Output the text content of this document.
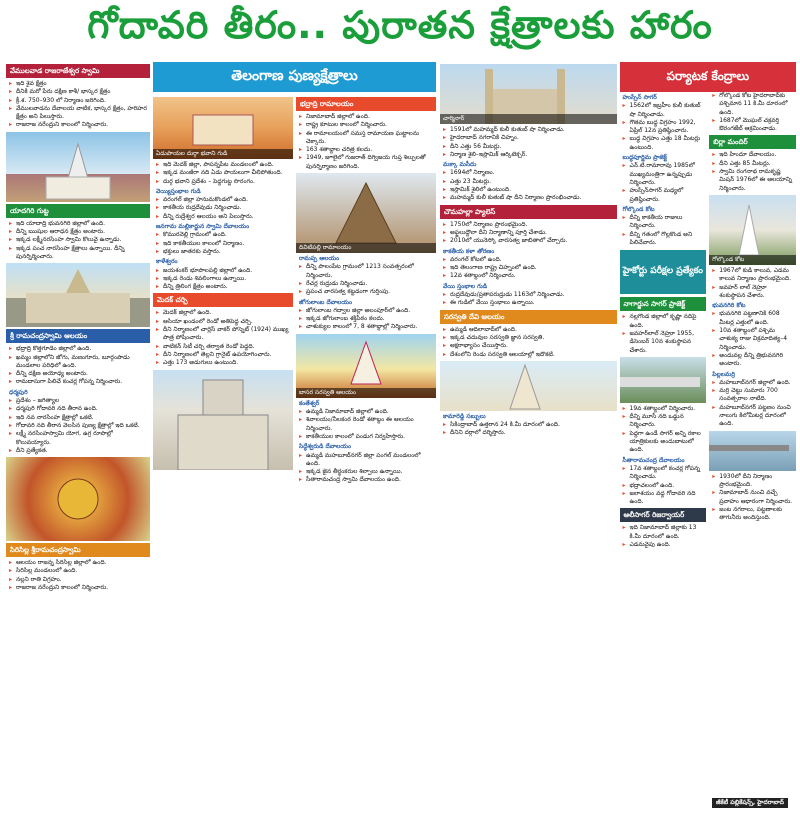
గోదావరి తీరం.. పురాతన క్షేత్రాలకు హారం
వేములవాడ రాజరాజేశ్వర స్వామి
▸ ఇది శైవ క్షేత్రం
▸ దీనికి మరో పేరు దక్షిణ కాశీ/ భాస్కర క్షేత్రం
▸ క్రీ.శ. 750–930 లో నిర్మాణం జరిగింది.
▸ వేములవాడను దేవాలయ వాటిక, భాస్కర క్షేత్రం, హరిహర క్షేత్రం అని పిలుస్తారు.
▸ రాజరాజ నరేంద్రుని కాలంలో నిర్మించారు.
యాదగిరి గుట్ట
▸ ఇది యాదాద్రి భువనగిరి జిల్లాలో ఉంది.
▸ దీన్ని ఋషుల ఆరాధన క్షేత్రం అంటారు.
▸ ఇక్కడ లక్ష్మీనరసింహ స్వామి కొలువై ఉన్నాడు.
▸ ఇక్కడ పంచ నారసింహ క్షేత్రాలు ఉన్నాయి. దీన్ని పునర్నిర్మించారు.
శ్రీ రామచంద్రస్వామి ఆలయం
▸ భద్రాద్రి కొత్తగూడెం జిల్లాలో ఉంది.
▸ ఖమ్మం జిల్లాలోని జోగు, మణుగూరు, బూర్గంపాడు మండలాల పరిధిలో ఉంది.
▸ దీన్ని దక్షిణ అయోధ్య అంటారు.
▸ రామదాసుగా పిలిచే కంచర్ల గోపన్న నిర్మించారు.
ధర్మపురి
▸ ప్రదేశం – జగిత్యాల
▸ ధర్మపురి గోదావరి నది తీరాన ఉంది.
▸ ఇది నవ నారసింహ క్షేత్రాల్లో ఒకటి.
▸ గోదావరి నది తీరాన వెలసిన పుణ్య క్షేత్రాల్లో ఇది ఒకటి.
▸ లక్ష్మీ నరసింహస్వామి యోగ, ఉగ్ర రూపాల్లో కొలువయ్యారు.
▸ దీని ప్రత్యేకత.
సిరిసిల్ల శ్రీరామచంద్రస్వామి
▸ ఆలయం రాజన్న సిరిసిల్ల జిల్లాలో ఉంది.
▸ సిరిసిల్ల మండలంలో ఉంది.
▸ నల్లని రాతి విగ్రహం.
▸ రాజరాజ నరేంద్రుని కాలంలో నిర్మించారు.
తెలంగాణ పుణ్యక్షేత్రాలు
ఏడుపాయల దుర్గా భవాని గుడి
▸ ఇది మెదక్ జిల్లా, పాపన్నపేట మండలంలో ఉంది.
▸ ఇక్కడ మంజీరా నది ఏడు పాయలుగా చీలిపోతుంది.
▸ దుర్గ భవాని ప్రదేశం – పెద్దగుట్ట సొరంగం.
వెయ్యిస్తంభాల గుడి
▸ వరంగల్ జిల్లా హనుమకొండలో ఉంది.
▸ కాకతీయ రుద్రదేవుడు నిర్మించాడు.
▸ దీన్ని రుద్రేశ్వర ఆలయం అని పిలుస్తారు.
జనగామ మల్లికార్జున స్వామి దేవాలయం
▸ కొమురవెల్లి గ్రామంలో ఉంది.
▸ ఇది కాకతీయుల కాలంలో నిర్మాణం.
▸ భక్తులు జాతరకు వస్తారు.
కాళేశ్వరం
▸ జయశంకర్ భూపాలపల్లి జిల్లాలో ఉంది.
▸ ఇక్కడ రెండు శివలింగాలు ఉన్నాయి.
▸ దీన్ని త్రిలింగ క్షేత్రం అంటారు.
మెదక్ చర్చి
▸ మెదక్ జిల్లాలో ఉంది.
▸ ఆసియా ఖండంలో రెండో అతిపెద్ద చర్చి.
▸ దీని నిర్మాణంలో చార్లెస్ వాకర్ పోస్నెట్ (1924) ముఖ్య పాత్ర పోషించారు.
▸ వాటికన్ సిటీ చర్చి తర్వాత రెండో పెద్దది.
▸ దీని నిర్మాణంలో తెల్లని గ్రానైట్ ఉపయోగించారు.
▸ ఎత్తు 173 అడుగులు ఉంటుంది.
భద్రాద్రి రామాలయం
▸ నిజామాబాద్ జిల్లాలో ఉంది.
▸ రాష్ట్ర కూటుల కాలంలో నిర్మించారు.
▸ ఈ రామాలయంలో సమస్త రామాయణ ఘట్టాలను చెక్కారు.
▸ 163 శతాబ్దాల చరిత్ర కలదు.
▸ 1949, జూలైలో గుజరాత్ దిగ్విజయ గుప్త శిల్పులతో పునర్నిర్మాణం జరిగింది.
దివిటిపల్లి రామాలయం
రామప్ప ఆలయం
▸ దీన్ని పాలంపేట గ్రామంలో 1213 సంవత్సరంలో నిర్మించారు.
▸ రేచర్ల రుద్రుడు నిర్మించాడు.
▸ ప్రపంచ వారసత్వ కట్టడంగా గుర్తింపు.
జోగులాంబ దేవాలయం
▸ జోగులాంబ గద్వాల జిల్లా అలంపూర్‌లో ఉంది.
▸ ఇక్కడ జోగులాంబ శక్తిపీఠం కలదు.
▸ చాళుక్యుల కాలంలో 7, 8 శతాబ్దాల్లో నిర్మించారు.
బాసర సరస్వతి ఆలయం
కంతేశ్వర్
▸ ఉమ్మడి నిజామాబాద్ జిల్లాలో ఉంది.
▸ శివాలయం/నీలకంఠ రెండో శతాబ్దం ఈ ఆలయం నిర్మించారు.
▸ కాకతీయుల కాలంలో పండుగ నిర్వహిస్తారు.
సిద్ధేశ్వరుడి దేవాలయం
▸ ఉమ్మడి మహబూబ్‌నగర్ జిల్లా పంగల్ మండలంలో ఉంది.
▸ ఇక్కడ జైన తీర్థంకరుల శిల్పాలు ఉన్నాయి.
▸ సీతారామచంద్ర స్వామి దేవాలయం ఉంది.
చార్మినార్
▸ 1591లో మహమ్మద్ కులీ కుతుబ్ షా నిర్మించాడు.
▸ హైదరాబాద్ నగరానికి చిహ్నం.
▸ దీని ఎత్తు 56 మీటర్లు.
▸ నిర్మాణ శైలి–ఇస్లామిక్ ఆర్కిటెక్చర్.
మక్కా మసీదు
▸ 1694లో నిర్మాణం.
▸ ఎత్తు 23 మీటర్లు.
▸ ఇస్లామిక్ శైలిలో ఉంటుంది.
▸ మహమ్మద్ కులీ కుతుబ్ షా దీని నిర్మాణం ప్రారంభించాడు.
చౌమహల్లా ప్యాలెస్
▸ 1750లో నిర్మాణం ప్రారంభమైంది.
▸ అఫ్జలుద్దౌలా దీని నిర్మాణాన్ని పూర్తి చేశాడు.
▸ 2010లో యునెస్కో వారసత్వ జాబితాలో చేర్చారు.
కాకతీయ కళా తోరణం
▸ వరంగల్ కోటలో ఉంది.
▸ ఇది తెలంగాణ రాష్ట్ర చిహ్నంలో ఉంది.
▸ 12వ శతాబ్దంలో నిర్మించారు.
వేయి స్తంభాల గుడి
▸ రుద్రదేవుడు/ప్రతాపరుద్రుడు 1163లో నిర్మించాడు.
▸ ఈ గుడిలో వేయి స్తంభాలు ఉన్నాయి.
సరస్వతి దేవి ఆలయం
▸ ఉమ్మడి ఆదిలాబాద్‌లో ఉంది.
▸ ఇక్కడ చదువుల సరస్వతి జ్ఞాన సరస్వతి.
▸ అక్షరాభ్యాసం చేయిస్తారు.
▸ దేశంలోని రెండు సరస్వతి ఆలయాల్లో ఇదొకటి.
కామారెడ్డి సబ్బులు
▸ సికింద్రాబాద్ ఉత్తరాన 24 కి.మీ దూరంలో ఉంది.
▸ దీనిని దర్గాలో దర్శిస్తారు.
పర్యాటక కేంద్రాలు
హుస్సేన్ సాగర్
▸ 1562లో ఇబ్రహీం కులీ కుతుబ్ షా నిర్మించాడు.
▸ గౌతమ బుద్ధ విగ్రహం 1992, ఏప్రిల్ 12న ప్రతిష్ఠించారు.
▸ బుద్ధ విగ్రహం ఎత్తు 18 మీటర్లు ఉంటుంది.
బుద్ధపూర్ణిమ ప్రాజెక్ట్
▸ ఎన్.టి.రామారావు 1985లో ముఖ్యమంత్రిగా ఉన్నప్పుడు నిర్మించారు.
▸ హుస్సేన్‌సాగర్ మధ్యలో ప్రతిష్ఠించారు.
గోల్కొండ కోట
▸ దీన్ని కాకతీయ రాజులు నిర్మించారు.
▸ దీన్ని గతంలో గొల్లకొండ అని పిలిచేవారు.
హైకోర్టు పరీక్షల ప్రత్యేకం
నాగార్జున సాగర్ ప్రాజెక్ట్
▸ నల్లగొండ జిల్లాలో కృష్ణా నదిపై ఉంది.
▸ జవహర్‌లాల్ నెహ్రూ 1955, డిసెంబర్ 10న శంకుస్థాపన చేశారు.
▸ 19వ శతాబ్దంలో నిర్మించారు.
▸ దీన్ని మూసీ నది ఒడ్డున నిర్మించారు.
▸ పెద్దగా ఉండే సాగర్ అన్ని రకాల యాత్రికులకు అందుబాటులో ఉంది.
సీతారామచంద్ర దేవాలయం
▸ 17వ శతాబ్దంలో కంచర్ల గోపన్న నిర్మించాడు.
▸ భద్రాచలంలో ఉంది.
▸ జలాశయం వద్ద గోదావరి నది ఉంది.
ఆలీసాగర్ రిజర్వాయర్
▸ ఇది నిజామాబాద్ జిల్లాకు 13 కి.మీ దూరంలో ఉంది.
▸ ఎడమవైపు ఉంది.
▸ గోల్కొండ కోట హైదరాబాద్‌కు పశ్చిమాన 11 కి.మీ దూరంలో ఉంది.
▸ 1687లో మొఘల్ చక్రవర్తి ఔరంగజేబ్ ఆక్రమించాడు.
బిర్లా మందిర్
▸ ఇది హిందూ దేవాలయం.
▸ దీని ఎత్తు 85 మీటర్లు.
▸ స్వామి రంగనాథ రామకృష్ణ మిషన్ 1976లో ఈ ఆలయాన్ని నిర్మించారు.
గోల్కొండ కోట
▸ 1967లో కుడి కాలువ, ఎడమ కాలువ నిర్మాణం ప్రారంభమైంది.
▸ జవహర్ లాల్ నెహ్రూ శంకుస్థాపన చేశారు.
భువనగిరి కోట
▸ భువనగిరి పట్టణానికి 608 మీటర్ల ఎత్తులో ఉంది.
▸ 10వ శతాబ్దంలో పశ్చిమ చాళుక్య రాజు విక్రమాదిత్య–4 నిర్మించాడు.
▸ అందువల్ల దీన్ని త్రిభువనగిరి అంటారు.
పిల్లలమర్రి
▸ మహబూబ్‌నగర్ జిల్లాలో ఉంది.
▸ మర్రి చెట్టు సుమారు 700 సంవత్సరాల నాటిది.
▸ మహబూబ్‌నగర్ పట్టణం నుంచి నాలుగు కిలోమీటర్ల దూరంలో ఉంది.
▸ 1930లో దీని నిర్మాణం ప్రారంభమైంది.
▸ నిజామాబాద్ నుంచి వచ్చే ప్రవాహం ఆధారంగా నిర్మించారు.
▸ జంట నగరాలు, పట్టణాలకు తాగునీరు అందిస్తుంది.
జీకేటీ పబ్లికేషన్స్, హైదరాబాద్
